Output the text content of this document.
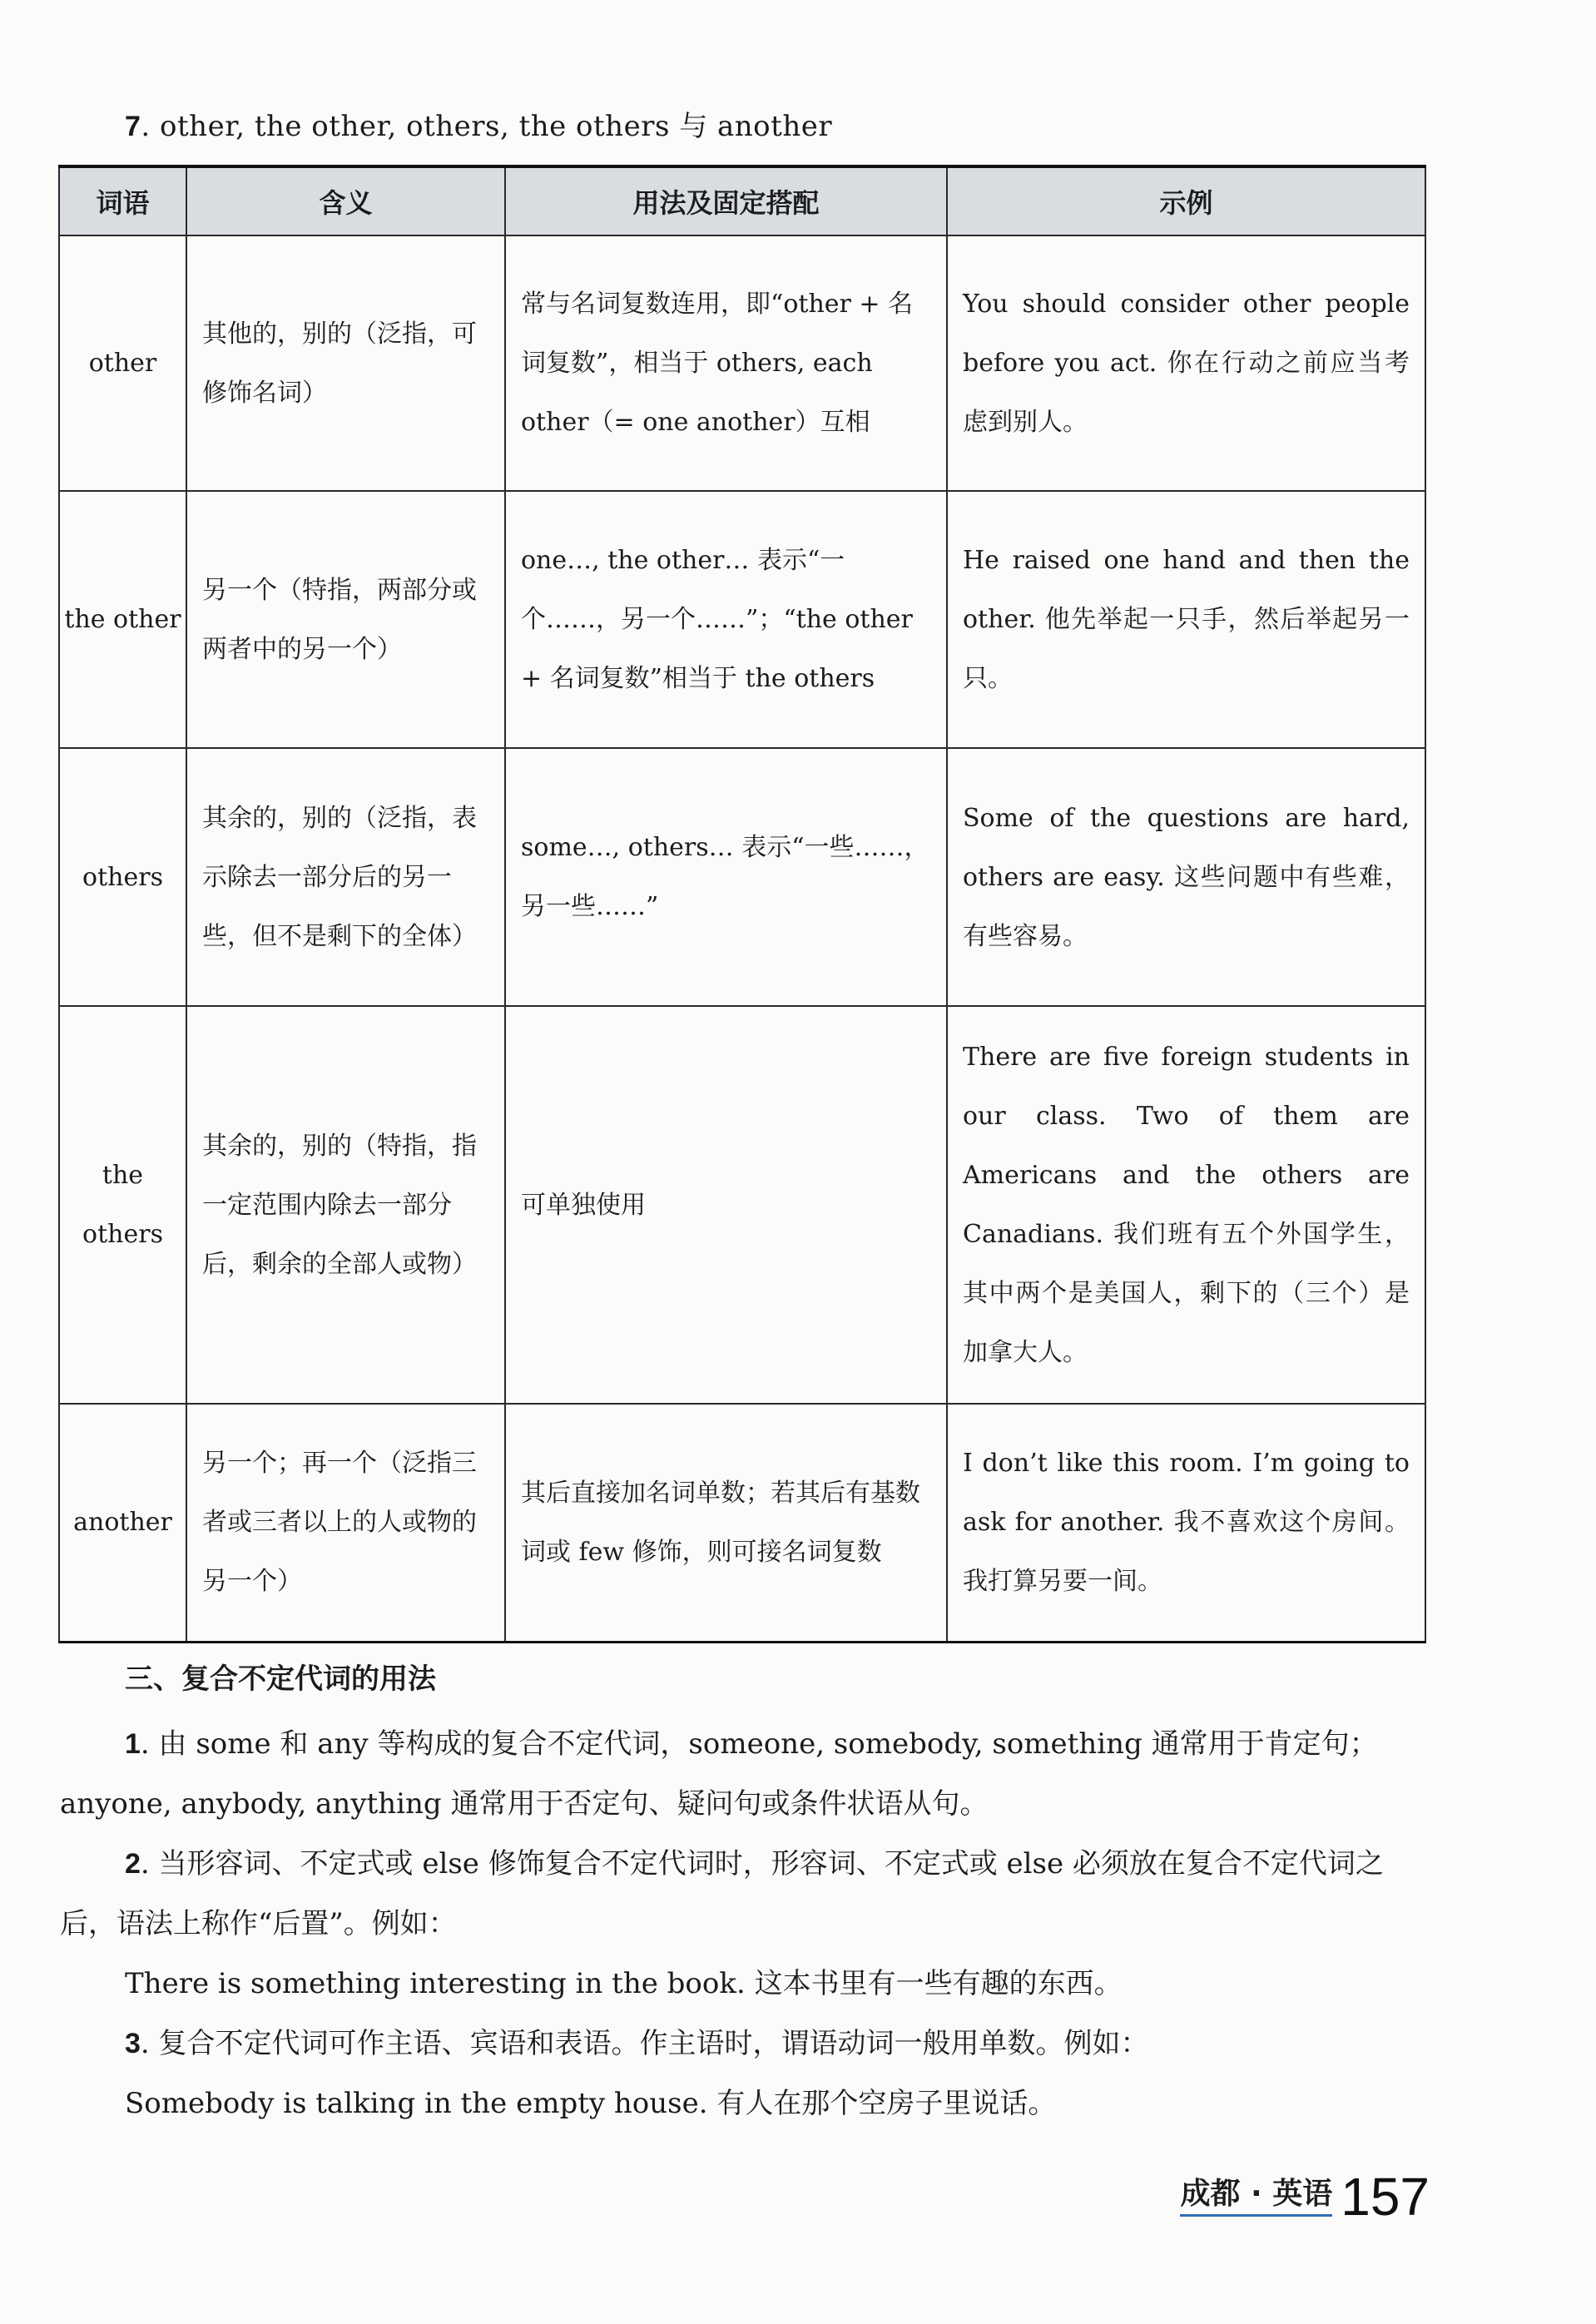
7. other, the other, others, the others 与 another
词语	含义	用法及固定搭配	示例
other	其他的，别的（泛指，可修饰名词）	常与名词复数连用，即“other + 名词复数”，相当于 others, each other（= one another）互相	You should consider other people before you act. 你在行动之前应当考虑到别人。
the other	另一个（特指，两部分或两者中的另一个）	one…, the other… 表示“一个……，另一个……”；“the other + 名词复数”相当于 the others	He raised one hand and then the other. 他先举起一只手，然后举起另一只。
others	其余的，别的（泛指，表示除去一部分后的另一些，但不是剩下的全体）	some…, others… 表示“一些……，另一些……”	Some of the questions are hard, others are easy. 这些问题中有些难，有些容易。
the others	其余的，别的（特指，指一定范围内除去一部分后，剩余的全部人或物）	可单独使用	There are five foreign students in our class. Two of them are Americans and the others are Canadians. 我们班有五个外国学生，其中两个是美国人，剩下的（三个）是加拿大人。
another	另一个；再一个（泛指三者或三者以上的人或物的另一个）	其后直接加名词单数；若其后有基数词或 few 修饰，则可接名词复数	I don’t like this room. I’m going to ask for another. 我不喜欢这个房间。我打算另要一间。
三、复合不定代词的用法

1. 由 some 和 any 等构成的复合不定代词，someone, somebody, something 通常用于肯定句；anyone, anybody, anything 通常用于否定句、疑问句或条件状语从句。

2. 当形容词、不定式或 else 修饰复合不定代词时，形容词、不定式或 else 必须放在复合不定代词之后，语法上称作“后置”。例如：

There is something interesting in the book. 这本书里有一些有趣的东西。

3. 复合不定代词可作主语、宾语和表语。作主语时，谓语动词一般用单数。例如：

Somebody is talking in the empty house. 有人在那个空房子里说话。

成都 · 英语 157
